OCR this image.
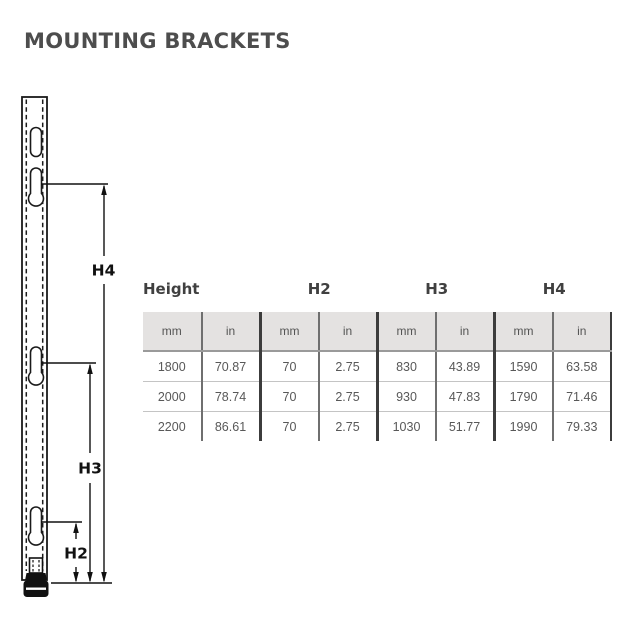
MOUNTING BRACKETS
H4
H3
H2
Height	H2	H3	H4
mm	in	mm	in	mm	in	mm	in
1800	70.87	70	2.75	830	43.89	1590	63.58
2000	78.74	70	2.75	930	47.83	1790	71.46
2200	86.61	70	2.75	1030	51.77	1990	79.33
